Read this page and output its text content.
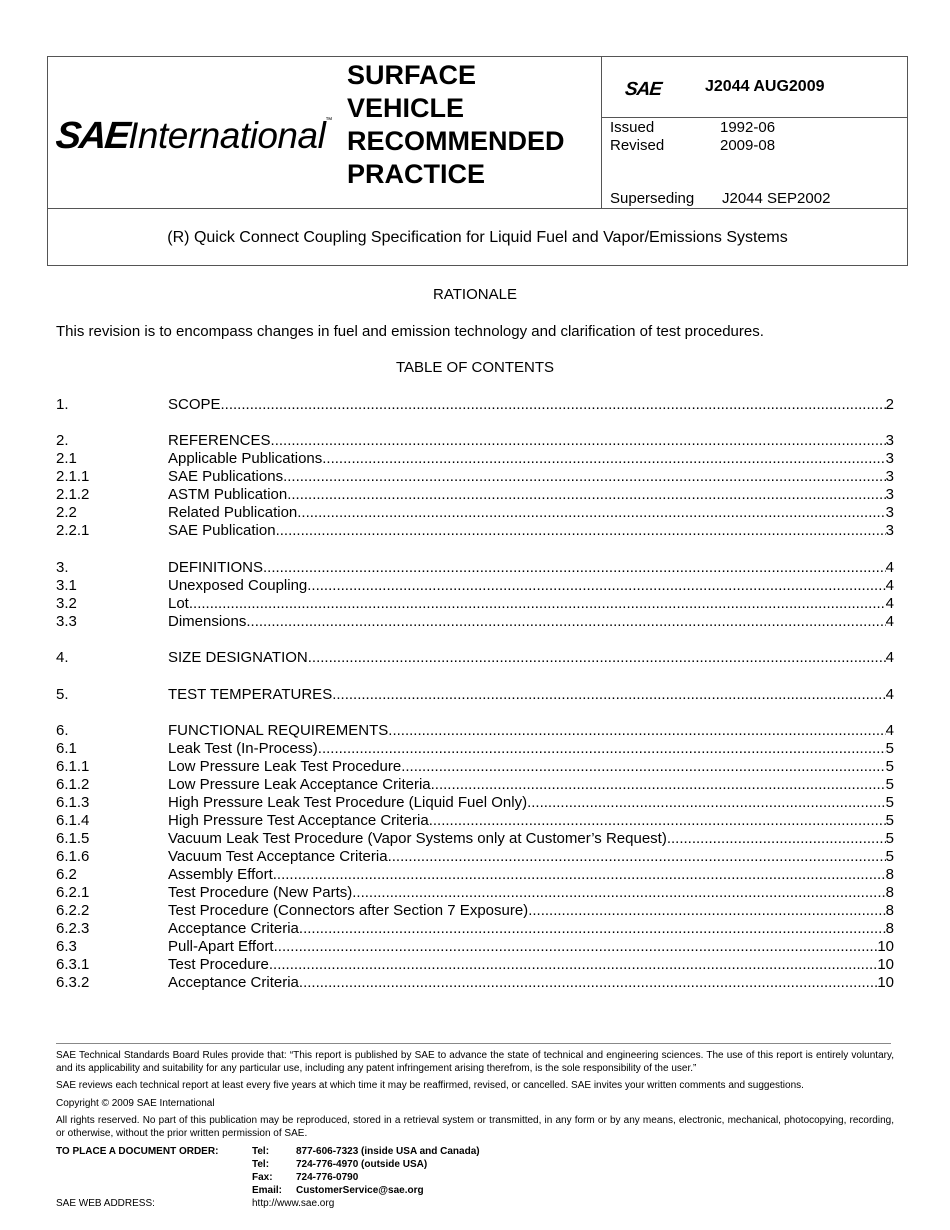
SAEInternational™
SURFACE
VEHICLE
RECOMMENDED
PRACTICE
SAE	J2044 AUG2009
Issued	1992-06
Revised	2009-08
Superseding J2044 SEP2002
(R) Quick Connect Coupling Specification for Liquid Fuel and Vapor/Emissions Systems
RATIONALE
This revision is to encompass changes in fuel and emission technology and clarification of test procedures.
TABLE OF CONTENTS
1.	SCOPE .....	2
2.	REFERENCES .....	3
2.1	Applicable Publications .....	3
2.1.1	SAE Publications .....	3
2.1.2	ASTM Publication .....	3
2.2	Related Publication .....	3
2.2.1	SAE Publication .....	3
3.	DEFINITIONS .....	4
3.1	Unexposed Coupling .....	4
3.2	Lot .....	4
3.3	Dimensions .....	4
4.	SIZE DESIGNATION .....	4
5.	TEST TEMPERATURES .....	4
6.	FUNCTIONAL REQUIREMENTS .....	4
6.1	Leak Test (In-Process) .....	5
6.1.1	Low Pressure Leak Test Procedure .....	5
6.1.2	Low Pressure Leak Acceptance Criteria .....	5
6.1.3	High Pressure Leak Test Procedure (Liquid Fuel Only) .....	5
6.1.4	High Pressure Test Acceptance Criteria .....	5
6.1.5	Vacuum Leak Test Procedure (Vapor Systems only at Customer’s Request) .....	5
6.1.6	Vacuum Test Acceptance Criteria .....	5
6.2	Assembly Effort .....	8
6.2.1	Test Procedure (New Parts) .....	8
6.2.2	Test Procedure (Connectors after Section 7 Exposure) .....	8
6.2.3	Acceptance Criteria .....	8
6.3	Pull-Apart Effort .....	10
6.3.1	Test Procedure .....	10
6.3.2	Acceptance Criteria .....	10

SAE Technical Standards Board Rules provide that: “This report is published by SAE to advance the state of technical and engineering sciences. The use of this report is entirely voluntary, and its applicability and suitability for any particular use, including any patent infringement arising therefrom, is the sole responsibility of the user.”

SAE reviews each technical report at least every five years at which time it may be reaffirmed, revised, or cancelled. SAE invites your written comments and suggestions.

Copyright © 2009 SAE International

All rights reserved. No part of this publication may be reproduced, stored in a retrieval system or transmitted, in any form or by any means, electronic, mechanical, photocopying, recording, or otherwise, without the prior written permission of SAE.

TO PLACE A DOCUMENT ORDER:	Tel:	877-606-7323 (inside USA and Canada)
Tel:	724-776-4970 (outside USA)
Fax: 724-776-0790
Email: CustomerService@sae.org
SAE WEB ADDRESS:	http://www.sae.org
